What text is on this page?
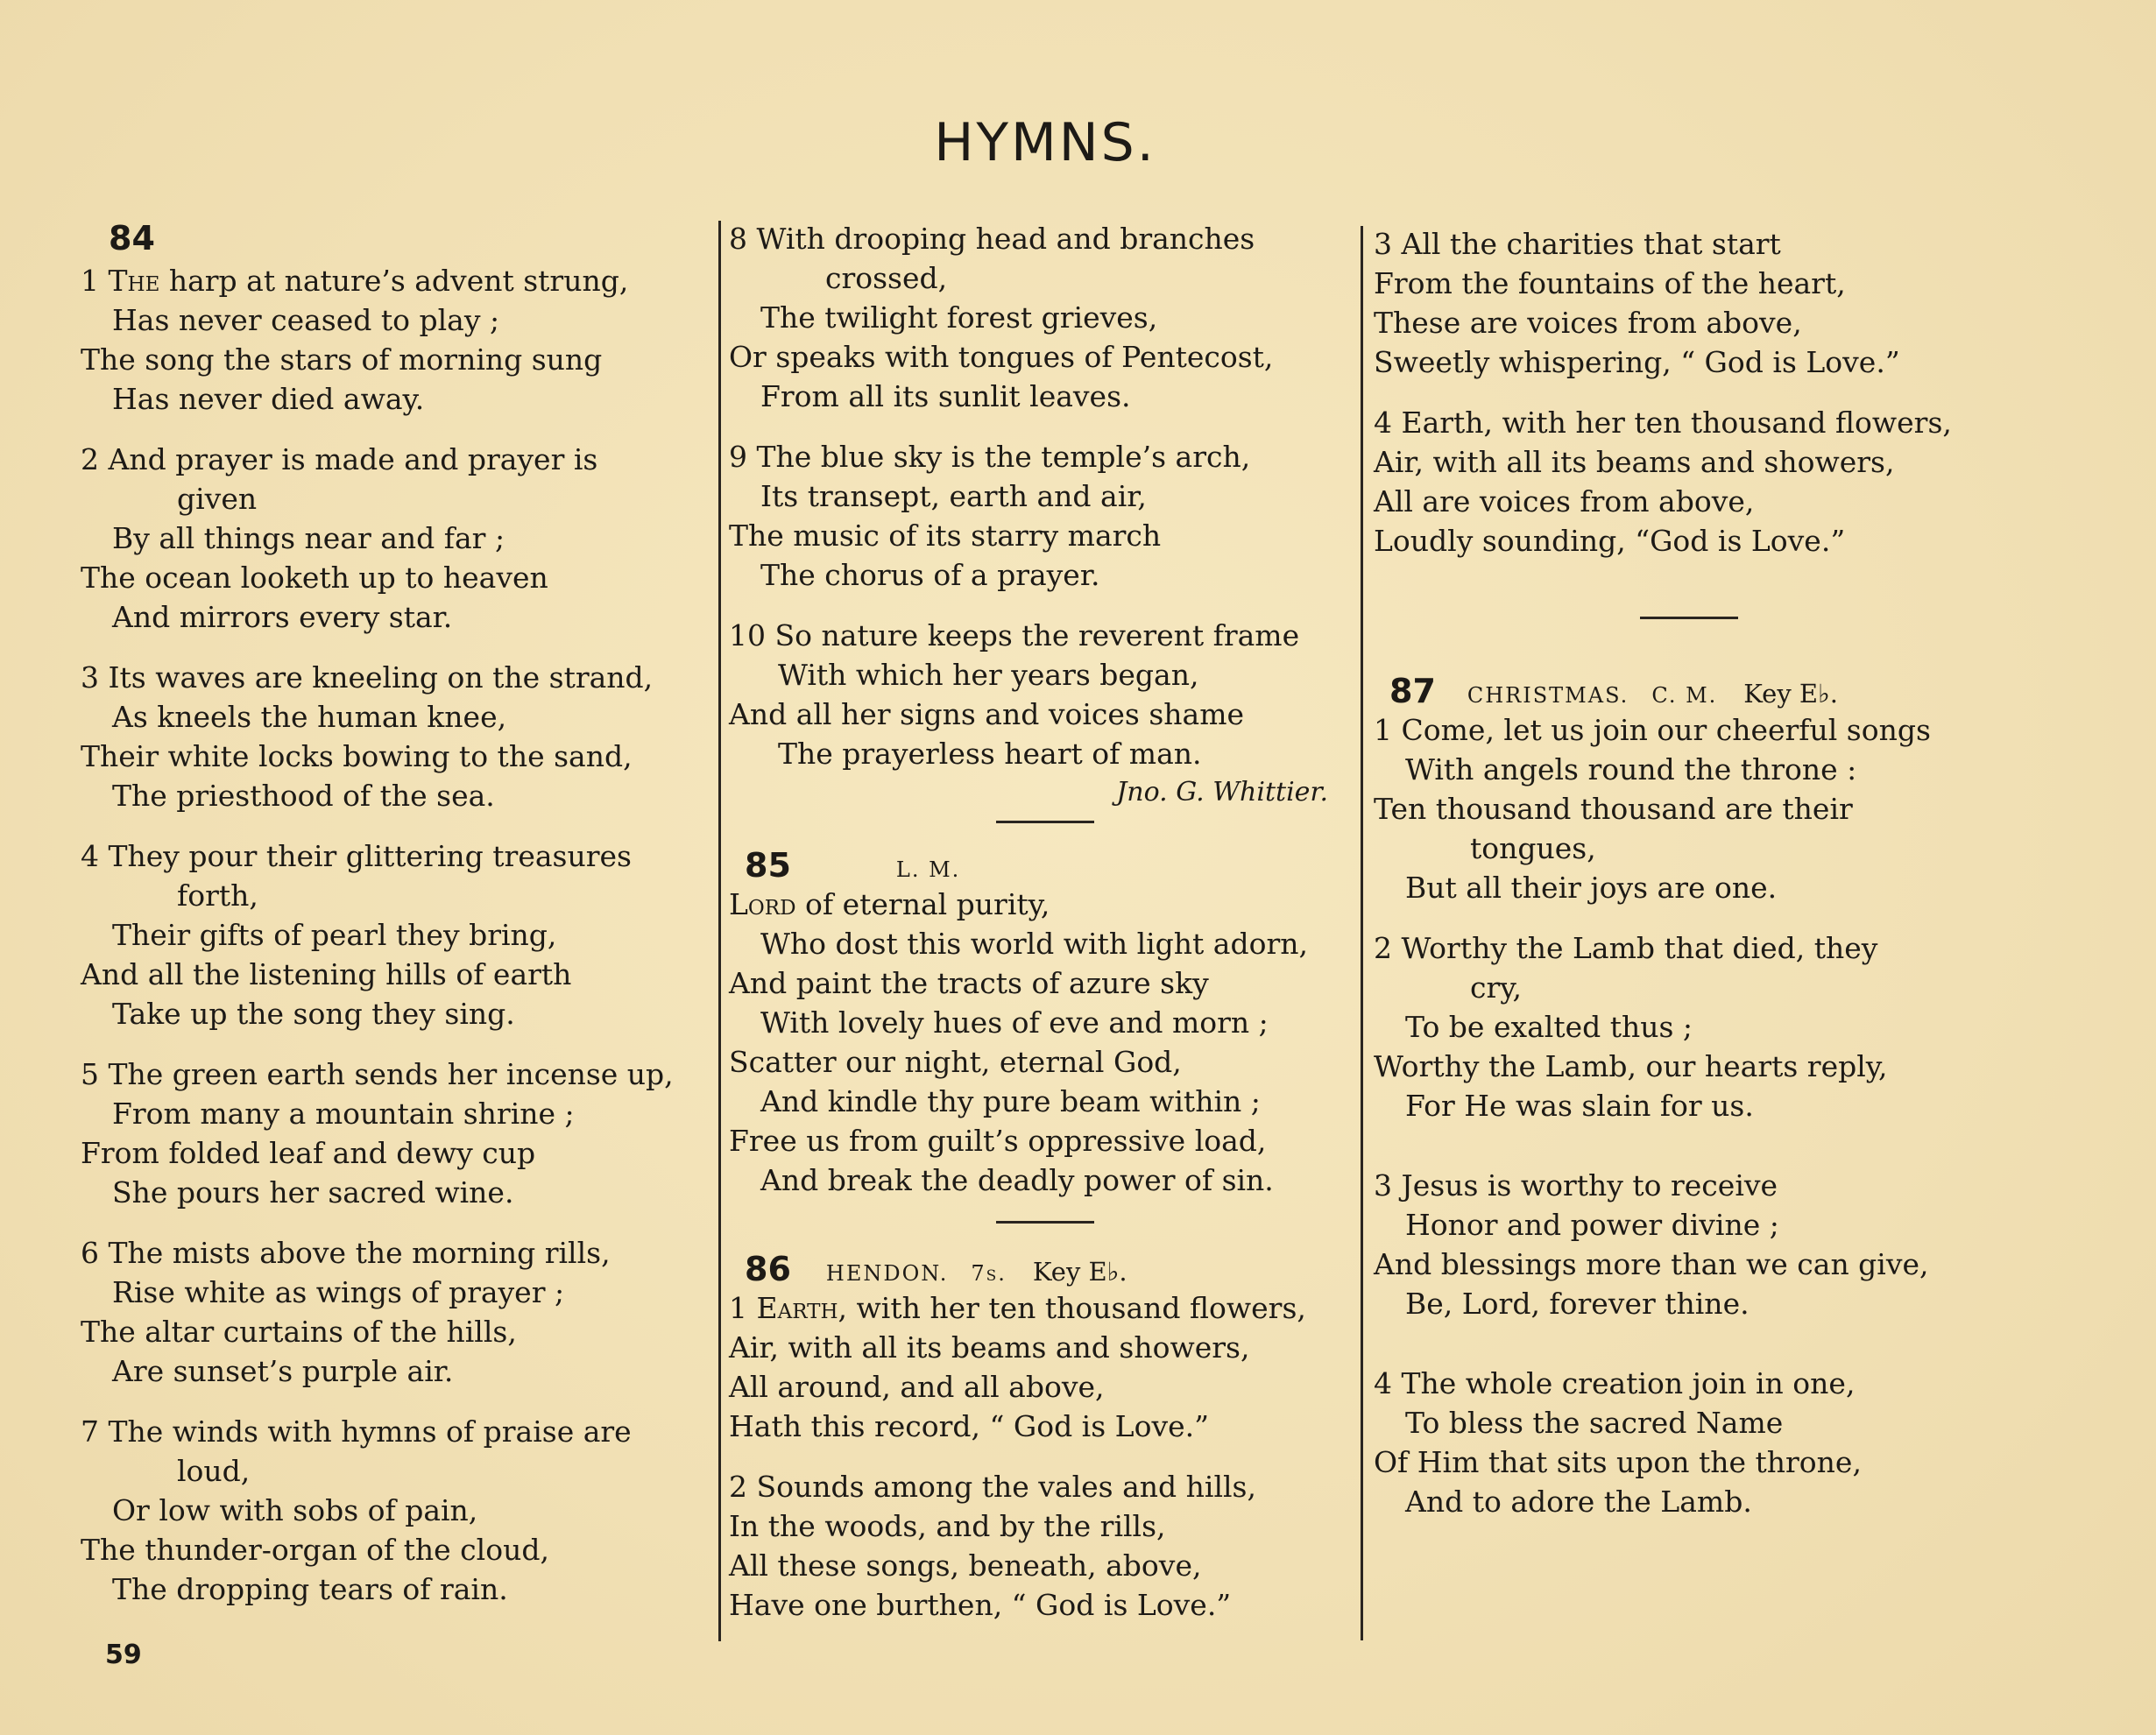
HYMNS.
84
1 The harp at nature’s advent strung,
Has never ceased to play ;
The song the stars of morning sung
Has never died away.
2 And prayer is made and prayer is
given
By all things near and far ;
The ocean looketh up to heaven
And mirrors every star.
3 Its waves are kneeling on the strand,
As kneels the human knee,
Their white locks bowing to the sand,
The priesthood of the sea.
4 They pour their glittering treasures
forth,
Their gifts of pearl they bring,
And all the listening hills of earth
Take up the song they sing.
5 The green earth sends her incense up,
From many a mountain shrine ;
From folded leaf and dewy cup
She pours her sacred wine.
6 The mists above the morning rills,
Rise white as wings of prayer ;
The altar curtains of the hills,
Are sunset’s purple air.
7 The winds with hymns of praise are
loud,
Or low with sobs of pain,
The thunder-organ of the cloud,
The dropping tears of rain.
8 With drooping head and branches
crossed,
The twilight forest grieves,
Or speaks with tongues of Pentecost,
From all its sunlit leaves.
9 The blue sky is the temple’s arch,
Its transept, earth and air,
The music of its starry march
The chorus of a prayer.
10 So nature keeps the reverent frame
With which her years began,
And all her signs and voices shame
The prayerless heart of man.
Jno. G. Whittier.
85	L. M.
Lord of eternal purity,
Who dost this world with light adorn,
And paint the tracts of azure sky
With lovely hues of eve and morn ;
Scatter our night, eternal God,
And kindle thy pure beam within ;
Free us from guilt’s oppressive load,
And break the deadly power of sin.
86 HENDON. 7s. Key E♭.
1 Earth, with her ten thousand flowers,
Air, with all its beams and showers,
All around, and all above,
Hath this record, “ God is Love.”
2 Sounds among the vales and hills,
In the woods, and by the rills,
All these songs, beneath, above,
Have one burthen, “ God is Love.”
3 All the charities that start
From the fountains of the heart,
These are voices from above,
Sweetly whispering, “ God is Love.”
4 Earth, with her ten thousand flowers,
Air, with all its beams and showers,
All are voices from above,
Loudly sounding, “God is Love.”
87 CHRISTMAS. C. M. Key E♭.
1 Come, let us join our cheerful songs
With angels round the throne :
Ten thousand thousand are their
tongues,
But all their joys are one.
2 Worthy the Lamb that died, they
cry,
To be exalted thus ;
Worthy the Lamb, our hearts reply,
For He was slain for us.
3 Jesus is worthy to receive
Honor and power divine ;
And blessings more than we can give,
Be, Lord, forever thine.
4 The whole creation join in one,
To bless the sacred Name
Of Him that sits upon the throne,
And to adore the Lamb.
59
